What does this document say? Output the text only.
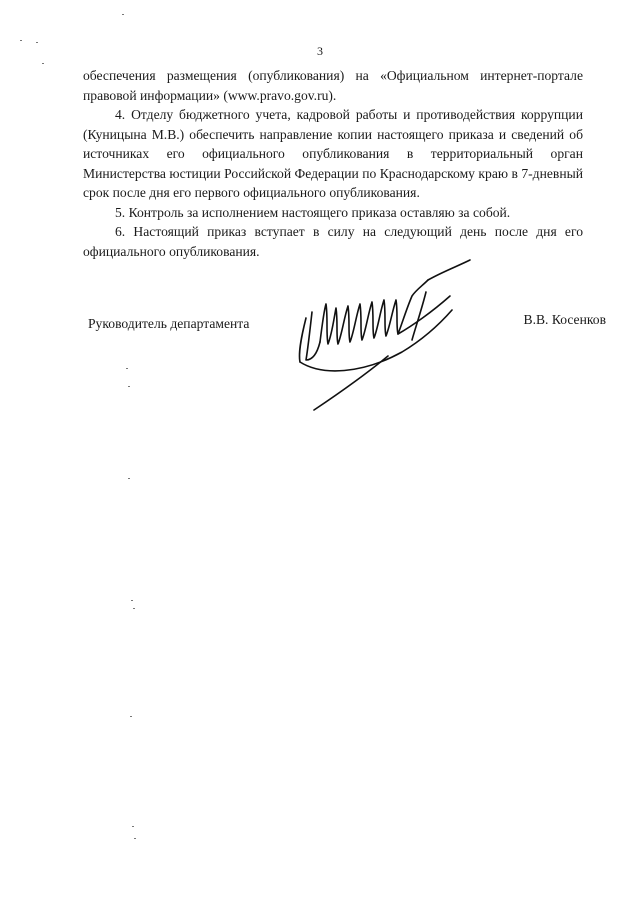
3

обеспечения размещения (опубликования) на «Официальном интернет-портале правовой информации» (www.pravo.gov.ru).

4. Отделу бюджетного учета, кадровой работы и противодействия коррупции (Куницына М.В.) обеспечить направление копии настоящего приказа и сведений об источниках его официального опубликования в территориальный орган Министерства юстиции Российской Федерации по Краснодарскому краю в 7-дневный срок после дня его первого официального опубликования.

5. Контроль за исполнением настоящего приказа оставляю за собой.

6. Настоящий приказ вступает в силу на следующий день после дня его официального опубликования.

Руководитель департамента	В.В. Косенков
